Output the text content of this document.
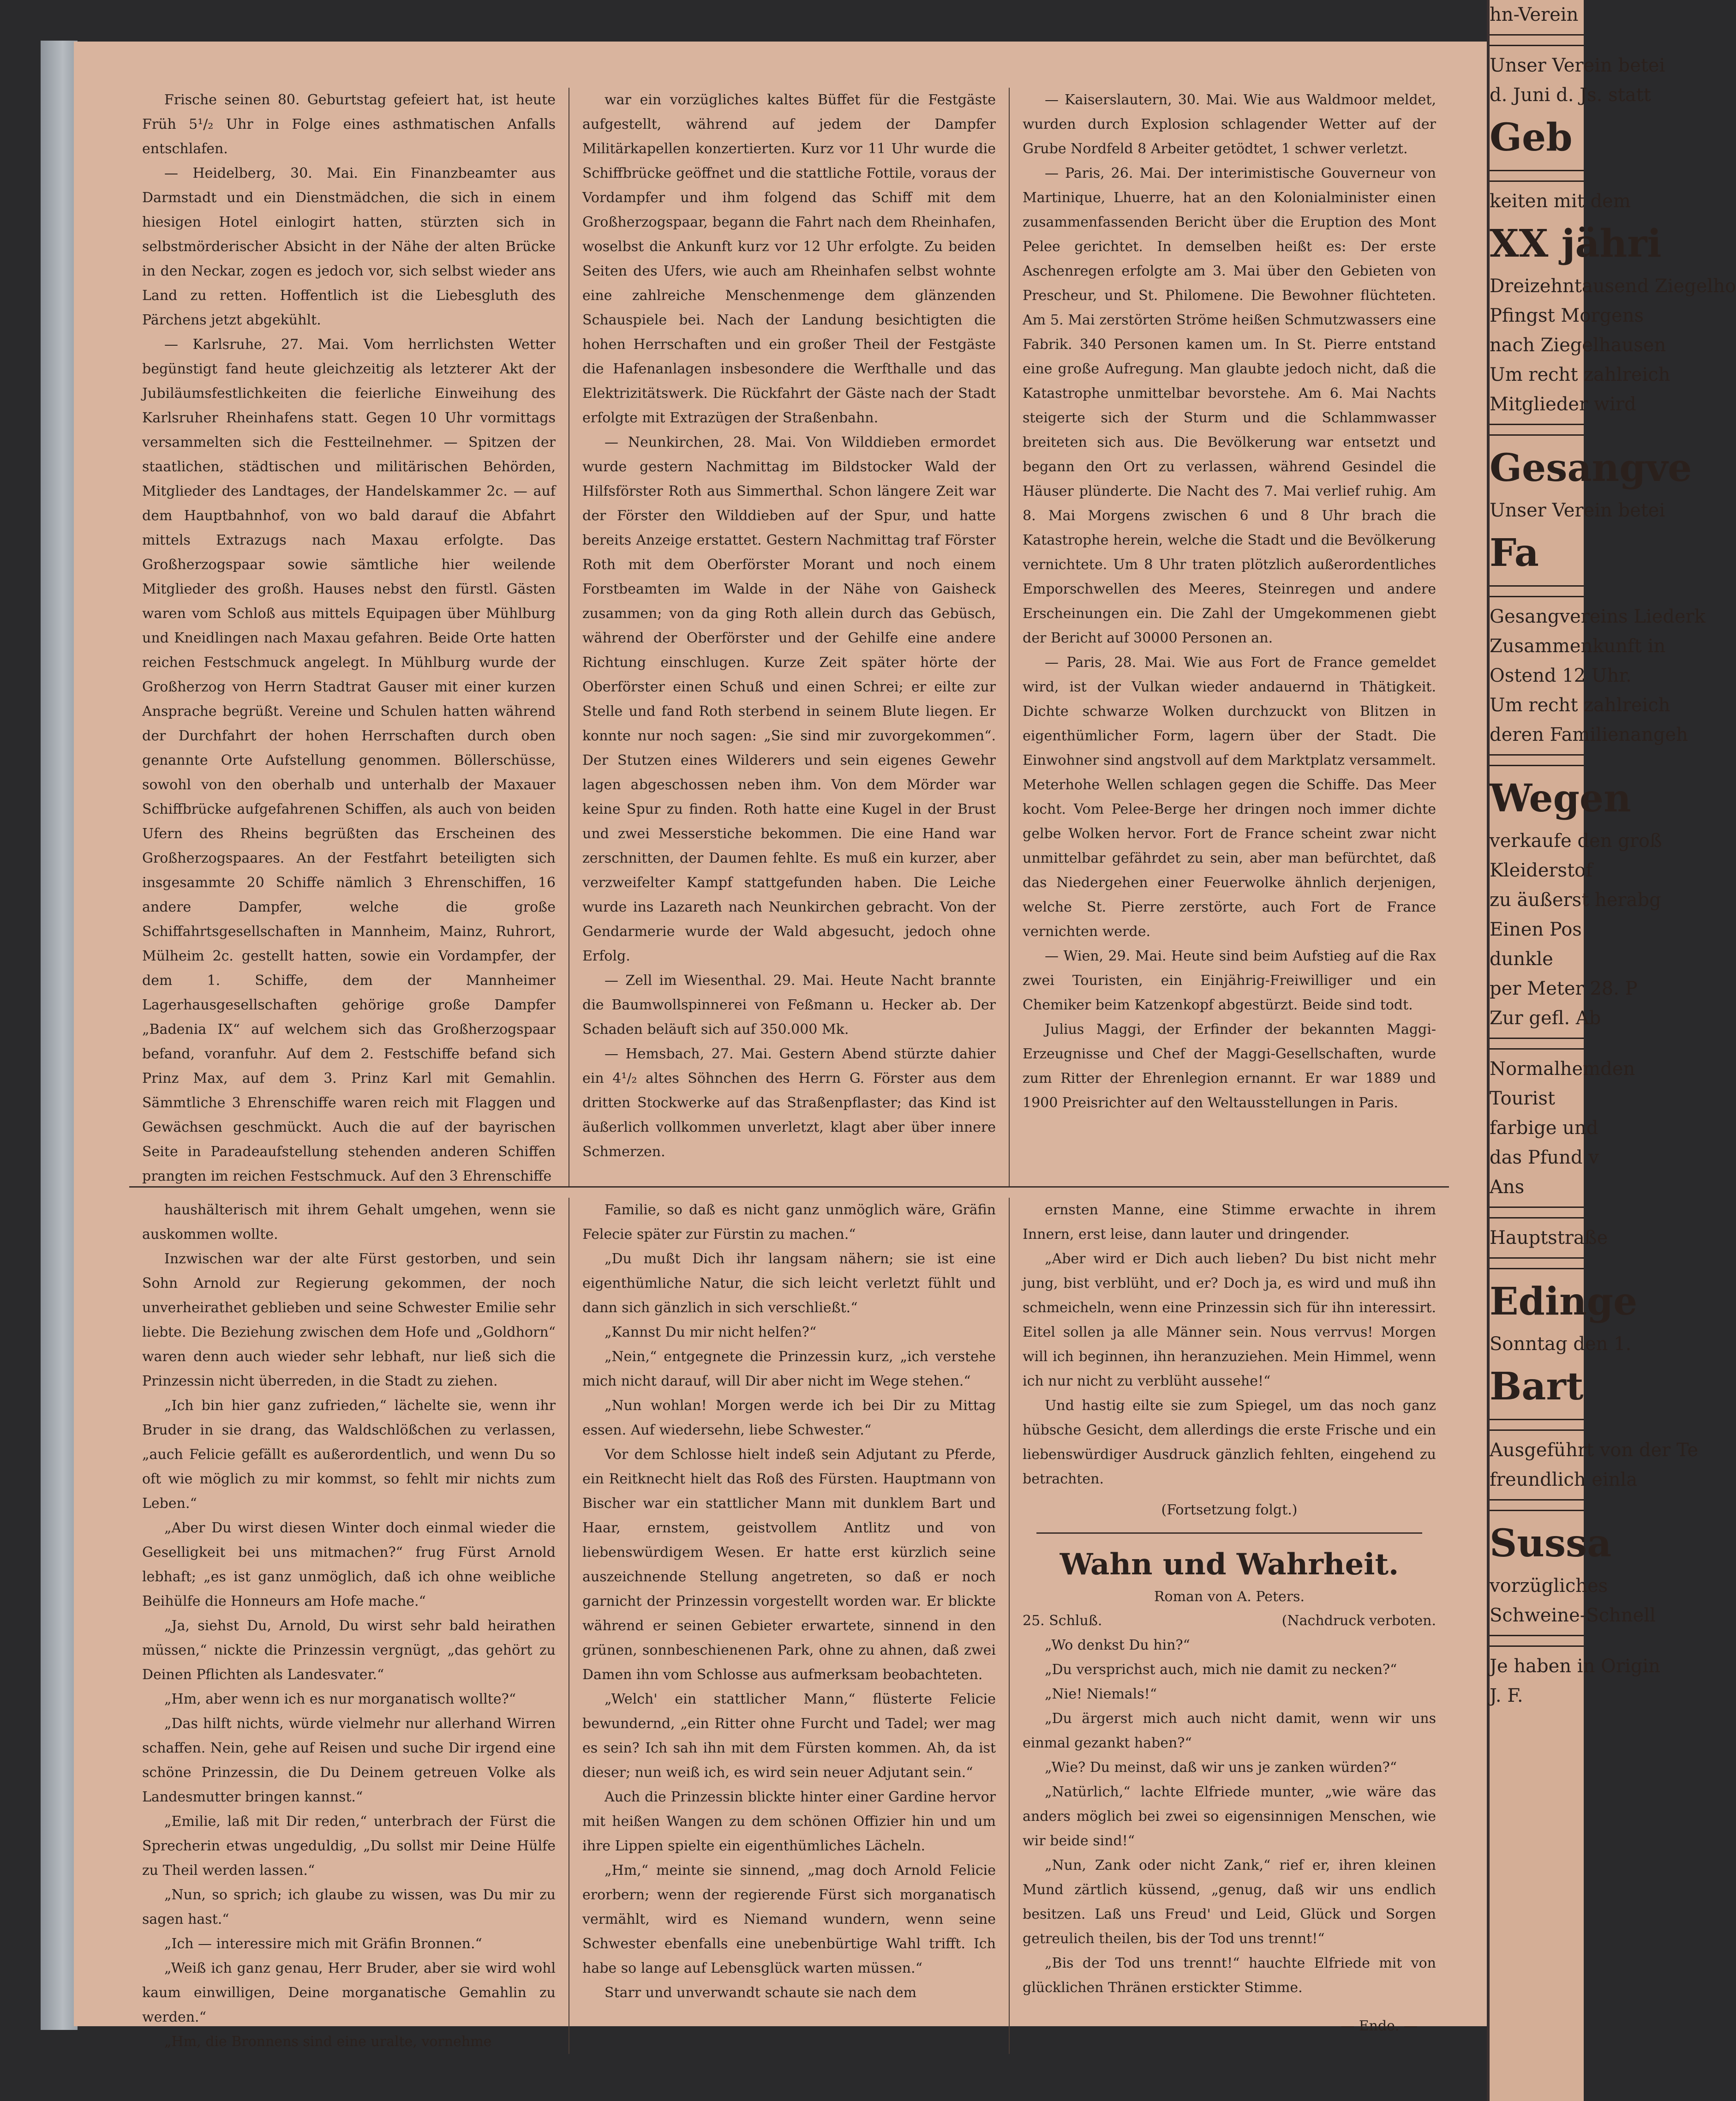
Frische seinen 80. Geburtstag gefeiert hat, ist heute Früh 5¹/₂ Uhr in Folge eines asthmatischen Anfalls entschlafen.

— Heidelberg, 30. Mai. Ein Finanzbeamter aus Darmstadt und ein Dienstmädchen, die sich in einem hiesigen Hotel einlogirt hatten, stürzten sich in selbstmörderischer Absicht in der Nähe der alten Brücke in den Neckar, zogen es jedoch vor, sich selbst wieder ans Land zu retten. Hoffentlich ist die Liebesgluth des Pärchens jetzt abgekühlt.

— Karlsruhe, 27. Mai. Vom herrlichsten Wetter begünstigt fand heute gleichzeitig als letzterer Akt der Jubiläumsfestlichkeiten die feierliche Einweihung des Karlsruher Rheinhafens statt. Gegen 10 Uhr vormittags versammelten sich die Festteilnehmer. — Spitzen der staatlichen, städtischen und militärischen Behörden, Mitglieder des Landtages, der Handelskammer 2c. — auf dem Hauptbahnhof, von wo bald darauf die Abfahrt mittels Extrazugs nach Maxau erfolgte. Das Großherzogspaar sowie sämtliche hier weilende Mitglieder des großh. Hauses nebst den fürstl. Gästen waren vom Schloß aus mittels Equipagen über Mühlburg und Kneidlingen nach Maxau gefahren. Beide Orte hatten reichen Festschmuck angelegt. In Mühlburg wurde der Großherzog von Herrn Stadtrat Gauser mit einer kurzen Ansprache begrüßt. Vereine und Schulen hatten während der Durchfahrt der hohen Herrschaften durch oben genannte Orte Aufstellung genommen. Böllerschüsse, sowohl von den oberhalb und unterhalb der Maxauer Schiffbrücke aufgefahrenen Schiffen, als auch von beiden Ufern des Rheins begrüßten das Erscheinen des Großherzogspaares. An der Festfahrt beteiligten sich insgesammte 20 Schiffe nämlich 3 Ehrenschiffen, 16 andere Dampfer, welche die große Schiffahrtsgesellschaften in Mannheim, Mainz, Ruhrort, Mülheim 2c. gestellt hatten, sowie ein Vordampfer, der dem 1. Schiffe, dem der Mannheimer Lagerhausgesellschaften gehörige große Dampfer „Badenia IX“ auf welchem sich das Großherzogspaar befand, voranfuhr. Auf dem 2. Festschiffe befand sich Prinz Max, auf dem 3. Prinz Karl mit Gemahlin. Sämmtliche 3 Ehrenschiffe waren reich mit Flaggen und Gewächsen geschmückt. Auch die auf der bayrischen Seite in Paradeaufstellung stehenden anderen Schiffen prangten im reichen Festschmuck. Auf den 3 Ehrenschiffe

war ein vorzügliches kaltes Büffet für die Festgäste aufgestellt, während auf jedem der Dampfer Militärkapellen konzertierten. Kurz vor 11 Uhr wurde die Schiffbrücke geöffnet und die stattliche Fottile, voraus der Vordampfer und ihm folgend das Schiff mit dem Großherzogspaar, begann die Fahrt nach dem Rheinhafen, woselbst die Ankunft kurz vor 12 Uhr erfolgte. Zu beiden Seiten des Ufers, wie auch am Rheinhafen selbst wohnte eine zahlreiche Menschenmenge dem glänzenden Schauspiele bei. Nach der Landung besichtigten die hohen Herrschaften und ein großer Theil der Festgäste die Hafenanlagen insbesondere die Werfthalle und das Elektrizitätswerk. Die Rückfahrt der Gäste nach der Stadt erfolgte mit Extrazügen der Straßenbahn.

— Neunkirchen, 28. Mai. Von Wilddieben ermordet wurde gestern Nachmittag im Bildstocker Wald der Hilfsförster Roth aus Simmerthal. Schon längere Zeit war der Förster den Wilddieben auf der Spur, und hatte bereits Anzeige erstattet. Gestern Nachmittag traf Förster Roth mit dem Oberförster Morant und noch einem Forstbeamten im Walde in der Nähe von Gaisheck zusammen; von da ging Roth allein durch das Gebüsch, während der Oberförster und der Gehilfe eine andere Richtung einschlugen. Kurze Zeit später hörte der Oberförster einen Schuß und einen Schrei; er eilte zur Stelle und fand Roth sterbend in seinem Blute liegen. Er konnte nur noch sagen: „Sie sind mir zuvorgekommen“. Der Stutzen eines Wilderers und sein eigenes Gewehr lagen abgeschossen neben ihm. Von dem Mörder war keine Spur zu finden. Roth hatte eine Kugel in der Brust und zwei Messerstiche bekommen. Die eine Hand war zerschnitten, der Daumen fehlte. Es muß ein kurzer, aber verzweifelter Kampf stattgefunden haben. Die Leiche wurde ins Lazareth nach Neunkirchen gebracht. Von der Gendarmerie wurde der Wald abgesucht, jedoch ohne Erfolg.

— Zell im Wiesenthal. 29. Mai. Heute Nacht brannte die Baumwollspinnerei von Feßmann u. Hecker ab. Der Schaden beläuft sich auf 350.000 Mk.

— Hemsbach, 27. Mai. Gestern Abend stürzte dahier ein 4¹/₂ altes Söhnchen des Herrn G. Förster aus dem dritten Stockwerke auf das Straßenpflaster; das Kind ist äußerlich vollkommen unverletzt, klagt aber über innere Schmerzen.

— Kaiserslautern, 30. Mai. Wie aus Waldmoor meldet, wurden durch Explosion schlagender Wetter auf der Grube Nordfeld 8 Arbeiter getödtet, 1 schwer verletzt.

— Paris, 26. Mai. Der interimistische Gouverneur von Martinique, Lhuerre, hat an den Kolonialminister einen zusammenfassenden Bericht über die Eruption des Mont Pelee gerichtet. In demselben heißt es: Der erste Aschenregen erfolgte am 3. Mai über den Gebieten von Prescheur, und St. Philomene. Die Bewohner flüchteten. Am 5. Mai zerstörten Ströme heißen Schmutzwassers eine Fabrik. 340 Personen kamen um. In St. Pierre entstand eine große Aufregung. Man glaubte jedoch nicht, daß die Katastrophe unmittelbar bevorstehe. Am 6. Mai Nachts steigerte sich der Sturm und die Schlammwasser breiteten sich aus. Die Bevölkerung war entsetzt und begann den Ort zu verlassen, während Gesindel die Häuser plünderte. Die Nacht des 7. Mai verlief ruhig. Am 8. Mai Morgens zwischen 6 und 8 Uhr brach die Katastrophe herein, welche die Stadt und die Bevölkerung vernichtete. Um 8 Uhr traten plötzlich außerordentliches Emporschwellen des Meeres, Steinregen und andere Erscheinungen ein. Die Zahl der Umgekommenen giebt der Bericht auf 30000 Personen an.

— Paris, 28. Mai. Wie aus Fort de France gemeldet wird, ist der Vulkan wieder andauernd in Thätigkeit. Dichte schwarze Wolken durchzuckt von Blitzen in eigenthümlicher Form, lagern über der Stadt. Die Einwohner sind angstvoll auf dem Marktplatz versammelt. Meterhohe Wellen schlagen gegen die Schiffe. Das Meer kocht. Vom Pelee-Berge her dringen noch immer dichte gelbe Wolken hervor. Fort de France scheint zwar nicht unmittelbar gefährdet zu sein, aber man befürchtet, daß das Niedergehen einer Feuerwolke ähnlich derjenigen, welche St. Pierre zerstörte, auch Fort de France vernichten werde.

— Wien, 29. Mai. Heute sind beim Aufstieg auf die Rax zwei Touristen, ein Einjährig-Freiwilliger und ein Chemiker beim Katzenkopf abgestürzt. Beide sind todt.

Julius Maggi, der Erfinder der bekannten Maggi-Erzeugnisse und Chef der Maggi-Gesellschaften, wurde zum Ritter der Ehrenlegion ernannt. Er war 1889 und 1900 Preisrichter auf den Weltausstellungen in Paris.

haushälterisch mit ihrem Gehalt umgehen, wenn sie auskommen wollte.

Inzwischen war der alte Fürst gestorben, und sein Sohn Arnold zur Regierung gekommen, der noch unverheirathet geblieben und seine Schwester Emilie sehr liebte. Die Beziehung zwischen dem Hofe und „Goldhorn“ waren denn auch wieder sehr lebhaft, nur ließ sich die Prinzessin nicht überreden, in die Stadt zu ziehen.

„Ich bin hier ganz zufrieden,“ lächelte sie, wenn ihr Bruder in sie drang, das Waldschlößchen zu verlassen, „auch Felicie gefällt es außerordentlich, und wenn Du so oft wie möglich zu mir kommst, so fehlt mir nichts zum Leben.“

„Aber Du wirst diesen Winter doch einmal wieder die Geselligkeit bei uns mitmachen?“ frug Fürst Arnold lebhaft; „es ist ganz unmöglich, daß ich ohne weibliche Beihülfe die Honneurs am Hofe mache.“

„Ja, siehst Du, Arnold, Du wirst sehr bald heirathen müssen,“ nickte die Prinzessin vergnügt, „das gehört zu Deinen Pflichten als Landesvater.“

„Hm, aber wenn ich es nur morganatisch wollte?“

„Das hilft nichts, würde vielmehr nur allerhand Wirren schaffen. Nein, gehe auf Reisen und suche Dir irgend eine schöne Prinzessin, die Du Deinem getreuen Volke als Landesmutter bringen kannst.“

„Emilie, laß mit Dir reden,“ unterbrach der Fürst die Sprecherin etwas ungeduldig, „Du sollst mir Deine Hülfe zu Theil werden lassen.“

„Nun, so sprich; ich glaube zu wissen, was Du mir zu sagen hast.“

„Ich — interessire mich mit Gräfin Bronnen.“

„Weiß ich ganz genau, Herr Bruder, aber sie wird wohl kaum einwilligen, Deine morganatische Gemahlin zu werden.“

„Hm, die Bronnens sind eine uralte, vornehme

Familie, so daß es nicht ganz unmöglich wäre, Gräfin Felecie später zur Fürstin zu machen.“

„Du mußt Dich ihr langsam nähern; sie ist eine eigenthümliche Natur, die sich leicht verletzt fühlt und dann sich gänzlich in sich verschließt.“

„Kannst Du mir nicht helfen?“

„Nein,“ entgegnete die Prinzessin kurz, „ich verstehe mich nicht darauf, will Dir aber nicht im Wege stehen.“

„Nun wohlan! Morgen werde ich bei Dir zu Mittag essen. Auf wiedersehn, liebe Schwester.“

Vor dem Schlosse hielt indeß sein Adjutant zu Pferde, ein Reitknecht hielt das Roß des Fürsten. Hauptmann von Bischer war ein stattlicher Mann mit dunklem Bart und Haar, ernstem, geistvollem Antlitz und von liebenswürdigem Wesen. Er hatte erst kürzlich seine auszeichnende Stellung angetreten, so daß er noch garnicht der Prinzessin vorgestellt worden war. Er blickte während er seinen Gebieter erwartete, sinnend in den grünen, sonnbeschienenen Park, ohne zu ahnen, daß zwei Damen ihn vom Schlosse aus aufmerksam beobachteten.

„Welch' ein stattlicher Mann,“ flüsterte Felicie bewundernd, „ein Ritter ohne Furcht und Tadel; wer mag es sein? Ich sah ihn mit dem Fürsten kommen. Ah, da ist dieser; nun weiß ich, es wird sein neuer Adjutant sein.“

Auch die Prinzessin blickte hinter einer Gardine hervor mit heißen Wangen zu dem schönen Offizier hin und um ihre Lippen spielte ein eigenthümliches Lächeln.

„Hm,“ meinte sie sinnend, „mag doch Arnold Felicie erorbern; wenn der regierende Fürst sich morganatisch vermählt, wird es Niemand wundern, wenn seine Schwester ebenfalls eine unebenbürtige Wahl trifft. Ich habe so lange auf Lebensglück warten müssen.“

Starr und unverwandt schaute sie nach dem

ernsten Manne, eine Stimme erwachte in ihrem Innern, erst leise, dann lauter und dringender.

„Aber wird er Dich auch lieben? Du bist nicht mehr jung, bist verblüht, und er? Doch ja, es wird und muß ihn schmeicheln, wenn eine Prinzessin sich für ihn interessirt. Eitel sollen ja alle Männer sein. Nous verrvus! Morgen will ich beginnen, ihn heranzuziehen. Mein Himmel, wenn ich nur nicht zu verblüht aussehe!“

Und hastig eilte sie zum Spiegel, um das noch ganz hübsche Gesicht, dem allerdings die erste Frische und ein liebenswürdiger Ausdruck gänzlich fehlten, eingehend zu betrachten.

(Fortsetzung folgt.)
Wahn und Wahrheit.
Roman von A. Peters.
25. Schluß.	(Nachdruck verboten.

„Wo denkst Du hin?“

„Du versprichst auch, mich nie damit zu necken?“

„Nie! Niemals!“

„Du ärgerst mich auch nicht damit, wenn wir uns einmal gezankt haben?“

„Wie? Du meinst, daß wir uns je zanken würden?“

„Natürlich,“ lachte Elfriede munter, „wie wäre das anders möglich bei zwei so eigensinnigen Menschen, wie wir beide sind!“

„Nun, Zank oder nicht Zank,“ rief er, ihren kleinen Mund zärtlich küssend, „genug, daß wir uns endlich besitzen. Laß uns Freud' und Leid, Glück und Sorgen getreulich theilen, bis der Tod uns trennt!“

„Bis der Tod uns trennt!“ hauchte Elfriede mit von glücklichen Thränen erstickter Stimme.

— Ende. —
hn-Verein
Unser Verein betei
d. Juni d. Js. statt
Geb
keiten mit dem
XX jähri
Dreizehntausend Ziegelho
Pfingst Morgens
nach Ziegelhausen
Um recht zahlreich
Mitglieder wird
Gesangve
Unser Verein betei
Fa
Gesangvereins Liederk
Zusammenkunft in
Ostend 12 Uhr.
Um recht zahlreich
deren Familienangeh
Wegen
verkaufe den groß
Kleiderstof
zu äußerst herabg
Einen Pos
dunkle
per Meter 28. P
Zur gefl. Ab
Normalhemden
Tourist
farbige und
das Pfund v
Ans
Hauptstraße
Edinge
Sonntag den 1.
Bart
Ausgeführt von der Te
freundlich einla
Sussa
vorzügliches
Schweine-Schnell
Je haben in Origin
J. F.
